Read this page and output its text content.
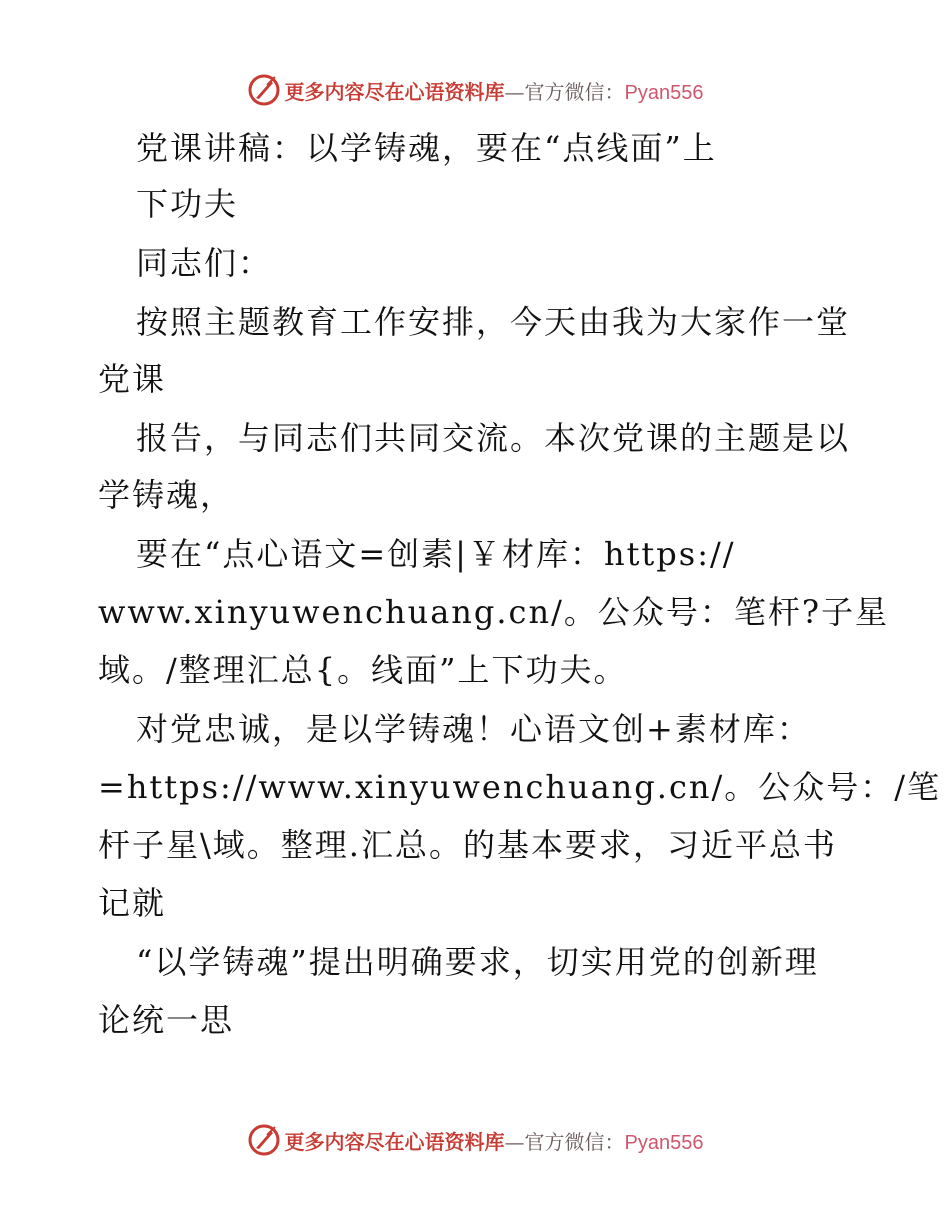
更多内容尽在心语资料库—官方微信：Pyan556
党课讲稿：以学铸魂，要在“点线面”上
下功夫
同志们：
按照主题教育工作安排，今天由我为大家作一堂
党课
报告，与同志们共同交流。本次党课的主题是以
学铸魂，
要在“点心语文=创素|￥材库：https://
www.xinyuwenchuang.cn/。公众号：笔杆?子星
域。/整理汇总{。线面”上下功夫。
对党忠诚，是以学铸魂！心语文创+素材库：
=https://www.xinyuwenchuang.cn/。公众号：/笔
杆子星\域。整理.汇总。的基本要求，习近平总书
记就
“以学铸魂”提出明确要求，切实用党的创新理
论统一思
更多内容尽在心语资料库—官方微信：Pyan556
